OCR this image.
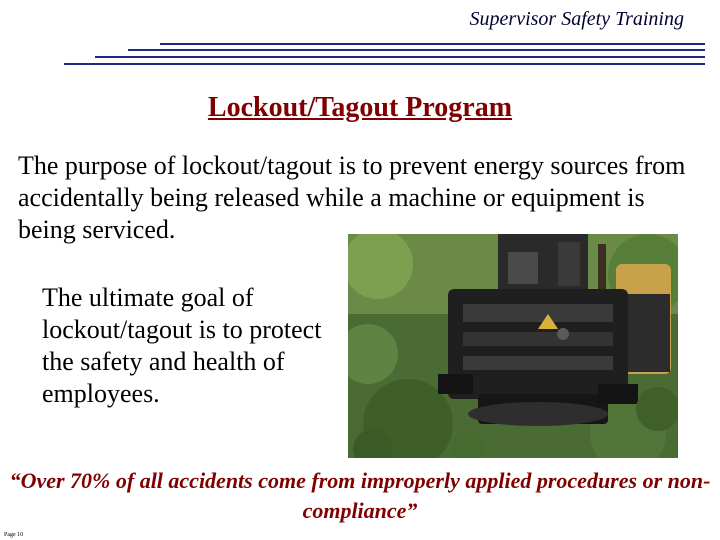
Supervisor Safety Training
Lockout/Tagout Program
The purpose of lockout/tagout is to prevent energy sources from accidentally being released while a machine or equipment is being serviced.
The ultimate goal of lockout/tagout is to protect the safety and health of employees.
“Over 70% of all accidents come from improperly applied procedures or non-compliance”
Page 10
